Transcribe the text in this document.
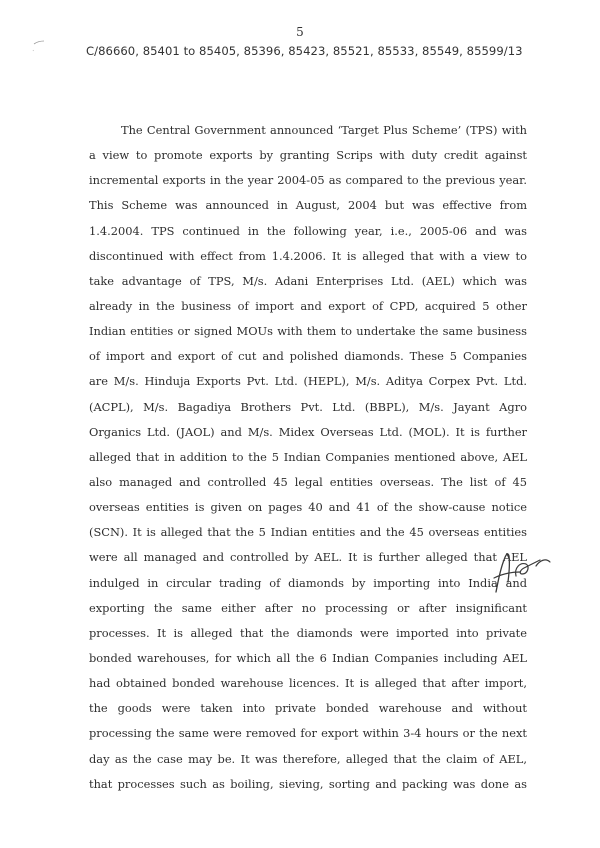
5
C/86660, 85401 to 85405, 85396, 85423, 85521, 85533, 85549, 85599/13
The Central Government announced ‘Target Plus Scheme’ (TPS) with
a view to promote exports by granting Scrips with duty credit against
incremental exports in the year 2004-05 as compared to the previous year.
This Scheme was announced in August, 2004 but was effective from
1.4.2004. TPS continued in the following year, i.e., 2005-06 and was
discontinued with effect from 1.4.2006. It is alleged that with a view to
take advantage of TPS, M/s. Adani Enterprises Ltd. (AEL) which was
already in the business of import and export of CPD, acquired 5 other
Indian entities or signed MOUs with them to undertake the same business
of import and export of cut and polished diamonds. These 5 Companies
are M/s. Hinduja Exports Pvt. Ltd. (HEPL), M/s. Aditya Corpex Pvt. Ltd.
(ACPL), M/s. Bagadiya Brothers Pvt. Ltd. (BBPL), M/s. Jayant Agro
Organics Ltd. (JAOL) and M/s. Midex Overseas Ltd. (MOL). It is further
alleged that in addition to the 5 Indian Companies mentioned above, AEL
also managed and controlled 45 legal entities overseas. The list of 45
overseas entities is given on pages 40 and 41 of the show-cause notice
(SCN). It is alleged that the 5 Indian entities and the 45 overseas entities
were all managed and controlled by AEL. It is further alleged that AEL
indulged in circular trading of diamonds by importing into India and
exporting the same either after no processing or after insignificant
processes. It is alleged that the diamonds were imported into private
bonded warehouses, for which all the 6 Indian Companies including AEL
had obtained bonded warehouse licences. It is alleged that after import,
the goods were taken into private bonded warehouse and without
processing the same were removed for export within 3-4 hours or the next
day as the case may be. It was therefore, alleged that the claim of AEL,
that processes such as boiling, sieving, sorting and packing was done as
